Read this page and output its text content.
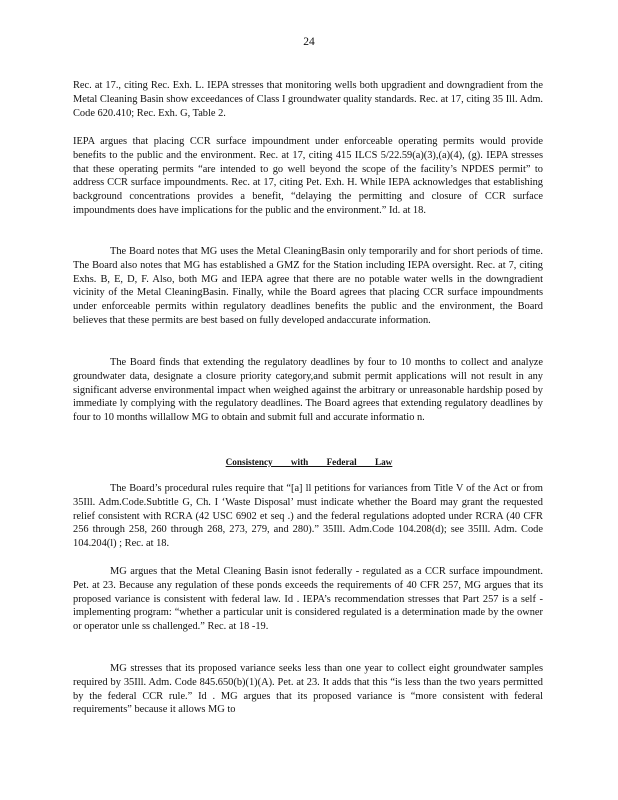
24

Rec. at 17., citing Rec. Exh. L. IEPA stresses that monitoring wells both upgradient and downgradient from the Metal Cleaning Basin show exceedances of Class I groundwater quality standards. Rec. at 17, citing 35 Ill. Adm. Code 620.410; Rec. Exh. G, Table 2.

IEPA argues that placing CCR surface impoundment under enforceable operating permits would provide benefits to the public and the environment. Rec. at 17, citing 415 ILCS 5/22.59(a)(3),(a)(4), (g). IEPA stresses that these operating permits “are intended to go well beyond the scope of the facility’s NPDES permit” to address CCR surface impoundments. Rec. at 17, citing Pet. Exh. H. While IEPA acknowledges that establishing background concentrations provides a benefit, “delaying the permitting and closure of CCR surface impoundments does have implications for the public and the environment.” Id. at 18.

The Board notes that MG uses the Metal CleaningBasin only temporarily and for short periods of time. The Board also notes that MG has established a GMZ for the Station including IEPA oversight. Rec. at 7, citing Exhs. B, E, D, F. Also, both MG and IEPA agree that there are no potable water wells in the downgradient vicinity of the Metal CleaningBasin. Finally, while the Board agrees that placing CCR surface impoundments under enforceable permits within regulatory deadlines benefits the public and the environment, the Board believes that these permits are best based on fully developed andaccurate information.

The Board finds that extending the regulatory deadlines by four to 10 months to collect and analyze groundwater data, designate a closure priority category,and submit permit applications will not result in any significant adverse environmental impact when weighed against the arbitrary or unreasonable hardship posed by immediate ly complying with the regulatory deadlines. The Board agrees that extending regulatory deadlines by four to 10 months willallow MG to obtain and submit full and accurate informatio n.

Consistency with Federal Law

The Board’s procedural rules require that “[a] ll petitions for variances from Title V of the Act or from 35Ill. Adm.Code.Subtitle G, Ch. I ‘Waste Disposal’ must indicate whether the Board may grant the requested relief consistent with RCRA (42 USC 6902 et seq .) and the federal regulations adopted under RCRA (40 CFR 256 through 258, 260 through 268, 273, 279, and 280).” 35Ill. Adm.Code 104.208(d); see 35Ill. Adm. Code 104.204(l) ; Rec. at 18.

MG argues that the Metal Cleaning Basin isnot federally - regulated as a CCR surface impoundment. Pet. at 23. Because any regulation of these ponds exceeds the requirements of 40 CFR 257, MG argues that its proposed variance is consistent with federal law. Id . IEPA’s recommendation stresses that Part 257 is a self -implementing program: “whether a particular unit is considered regulated is a determination made by the owner or operator unle ss challenged.” Rec. at 18 -19.

MG stresses that its proposed variance seeks less than one year to collect eight groundwater samples required by 35Ill. Adm. Code 845.650(b)(1)(A). Pet. at 23. It adds that this “is less than the two years permitted by the federal CCR rule.” Id . MG argues that its proposed variance is “more consistent with federal requirements” because it allows MG to
